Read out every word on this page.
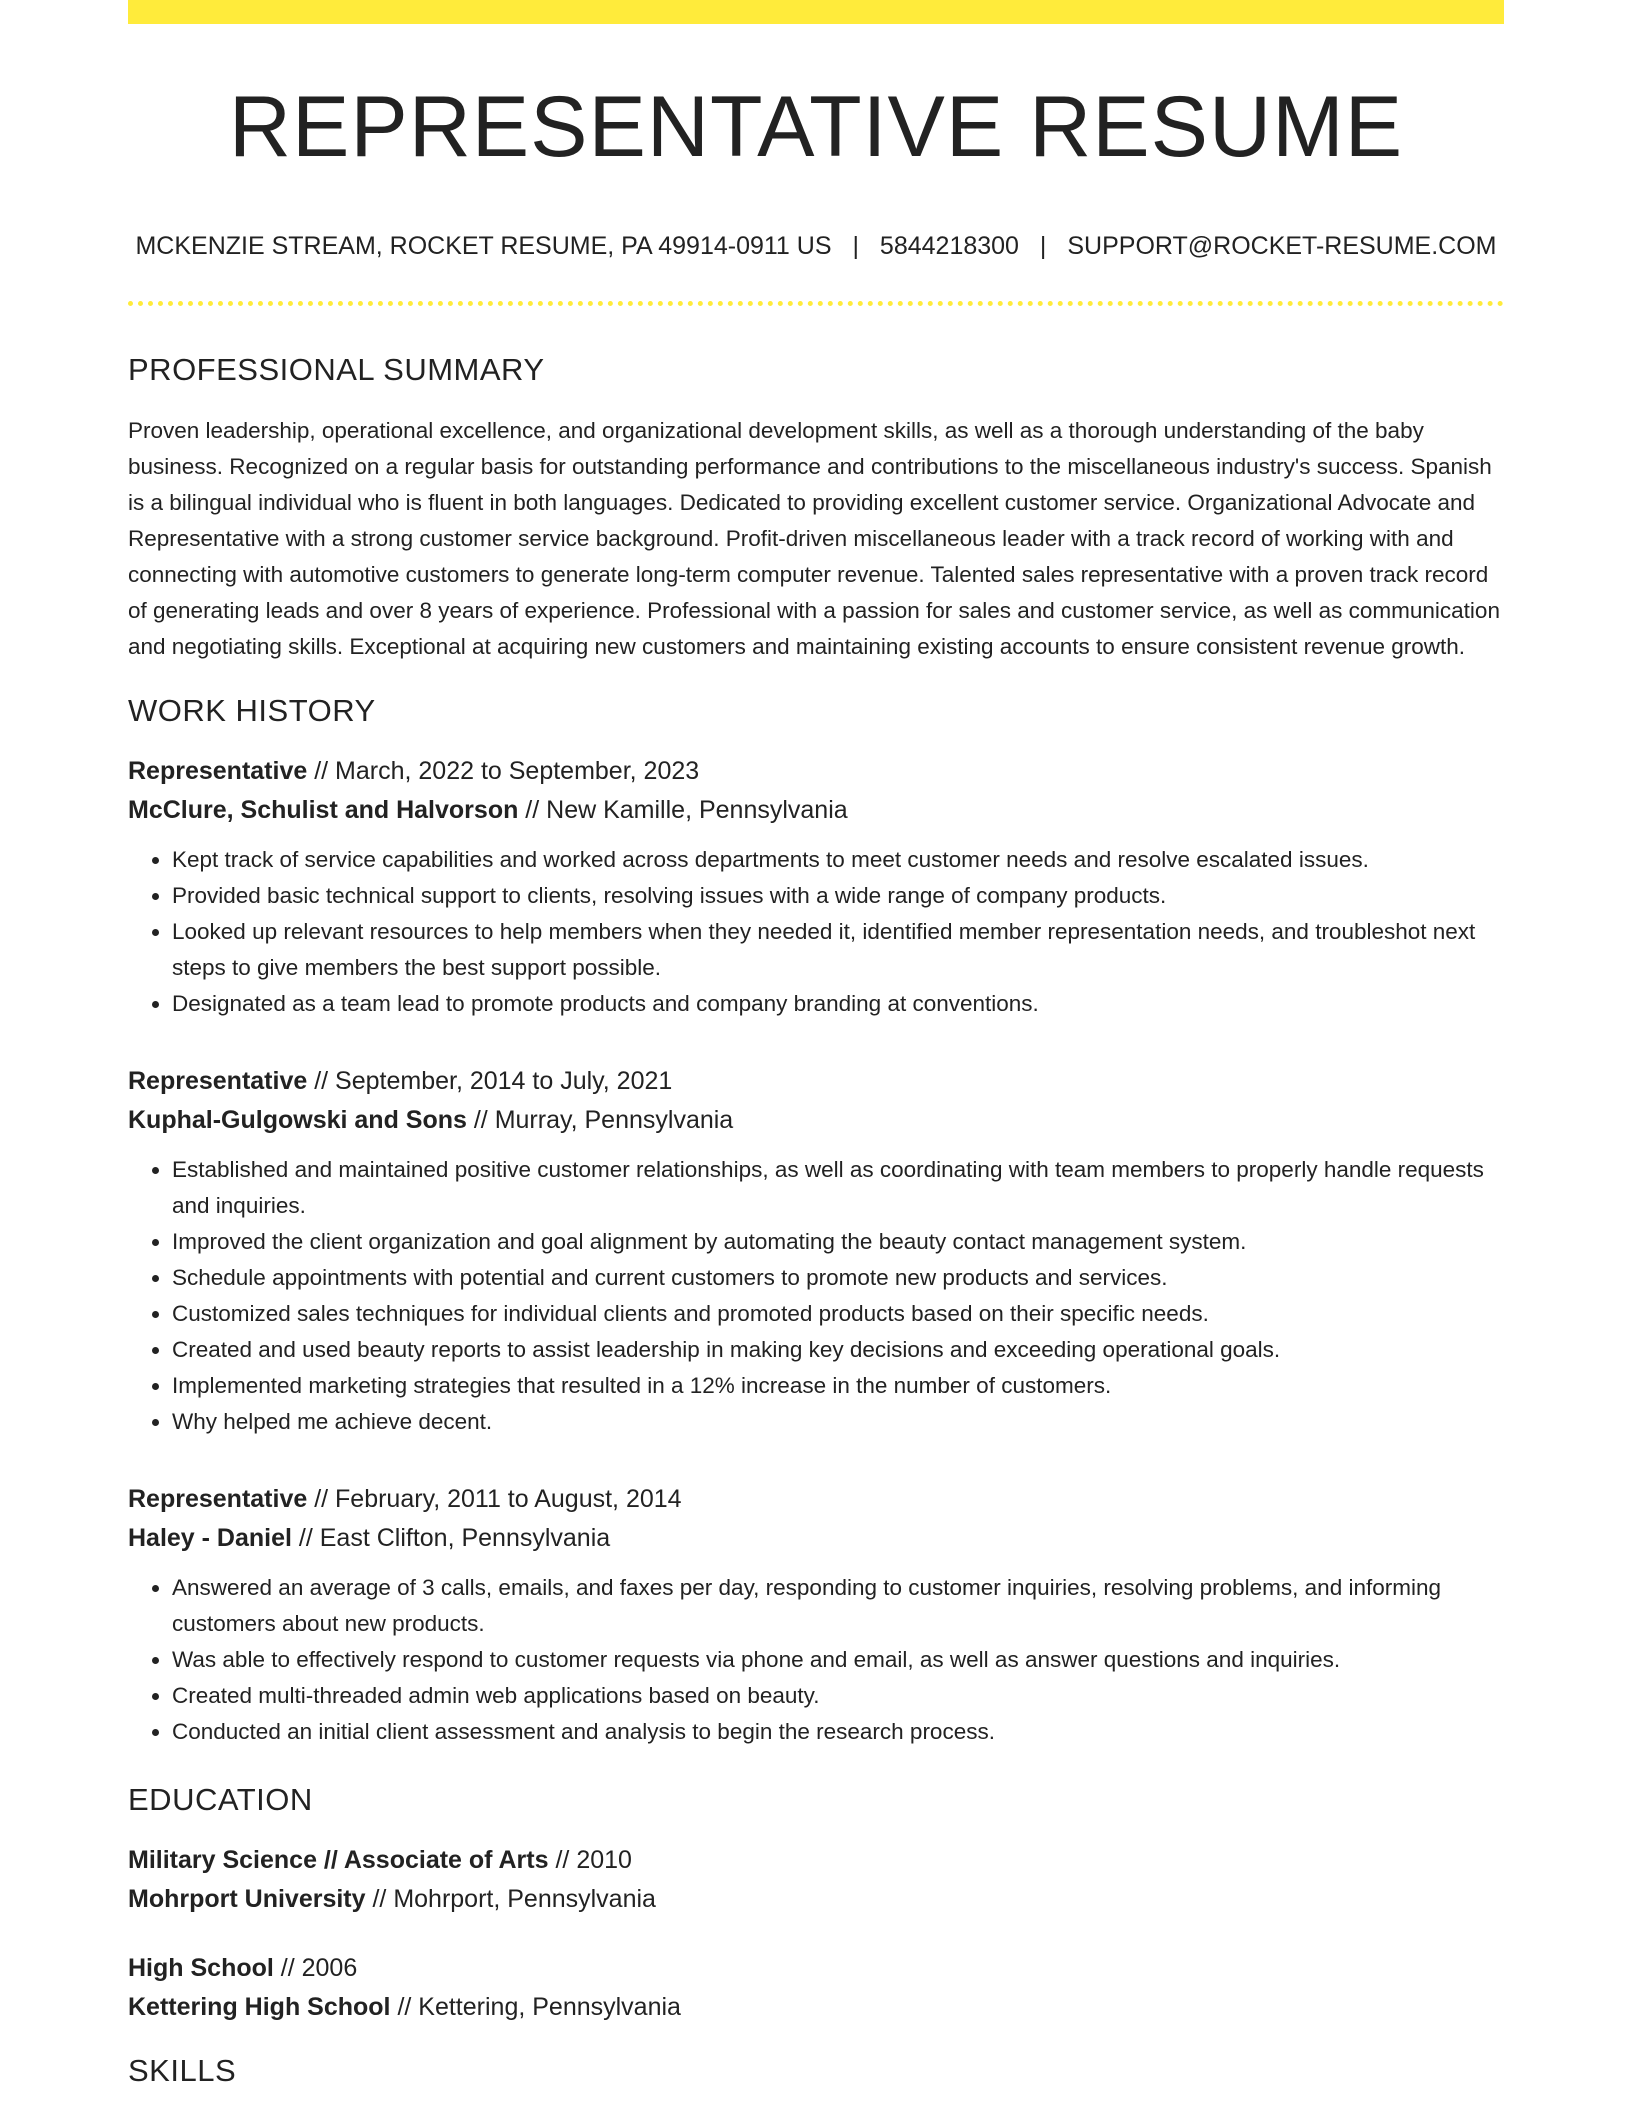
REPRESENTATIVE RESUME
MCKENZIE STREAM, ROCKET RESUME, PA 49914-0911 US | 5844218300 | SUPPORT@ROCKET-RESUME.COM
PROFESSIONAL SUMMARY

Proven leadership, operational excellence, and organizational development skills, as well as a thorough understanding of the baby business. Recognized on a regular basis for outstanding performance and contributions to the miscellaneous industry's success. Spanish is a bilingual individual who is fluent in both languages. Dedicated to providing excellent customer service. Organizational Advocate and Representative with a strong customer service background. Profit-driven miscellaneous leader with a track record of working with and connecting with automotive customers to generate long-term computer revenue. Talented sales representative with a proven track record of generating leads and over 8 years of experience. Professional with a passion for sales and customer service, as well as communication and negotiating skills. Exceptional at acquiring new customers and maintaining existing accounts to ensure consistent revenue growth.

WORK HISTORY
Representative // March, 2022 to September, 2023
McClure, Schulist and Halvorson // New Kamille, Pennsylvania
• Kept track of service capabilities and worked across departments to meet customer needs and resolve escalated issues.
• Provided basic technical support to clients, resolving issues with a wide range of company products.
• Looked up relevant resources to help members when they needed it, identified member representation needs, and troubleshot next steps to give members the best support possible.
• Designated as a team lead to promote products and company branding at conventions.
Representative // September, 2014 to July, 2021
Kuphal-Gulgowski and Sons // Murray, Pennsylvania
• Established and maintained positive customer relationships, as well as coordinating with team members to properly handle requests and inquiries.
• Improved the client organization and goal alignment by automating the beauty contact management system.
• Schedule appointments with potential and current customers to promote new products and services.
• Customized sales techniques for individual clients and promoted products based on their specific needs.
• Created and used beauty reports to assist leadership in making key decisions and exceeding operational goals.
• Implemented marketing strategies that resulted in a 12% increase in the number of customers.
• Why helped me achieve decent.
Representative // February, 2011 to August, 2014
Haley - Daniel // East Clifton, Pennsylvania
• Answered an average of 3 calls, emails, and faxes per day, responding to customer inquiries, resolving problems, and informing customers about new products.
• Was able to effectively respond to customer requests via phone and email, as well as answer questions and inquiries.
• Created multi-threaded admin web applications based on beauty.
• Conducted an initial client assessment and analysis to begin the research process.
EDUCATION
Military Science // Associate of Arts // 2010
Mohrport University // Mohrport, Pennsylvania
High School // 2006
Kettering High School // Kettering, Pennsylvania
SKILLS
